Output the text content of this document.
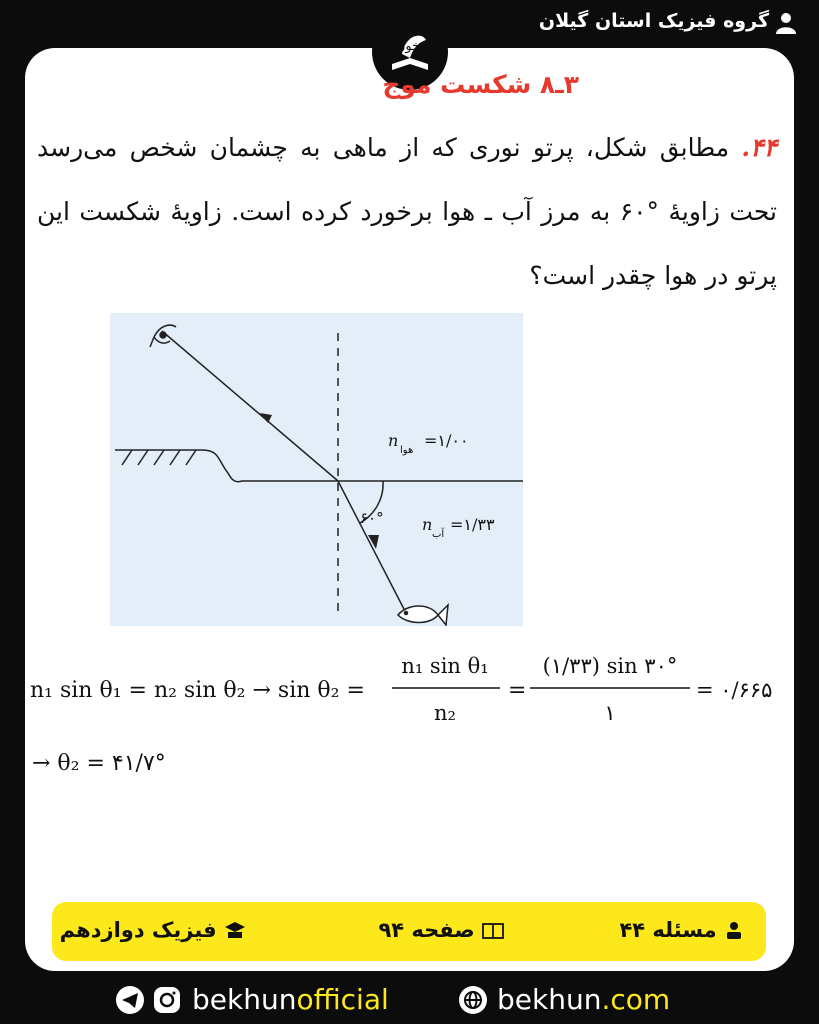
گروه فیزیک استان گیلان
بخون
۳ـ۸ شکست موج
۴۴. مطابق شکل، پرتو نوری که از ماهی به چشمان شخص می‌رسد تحت زاویهٔ °۶۰ به مرز آب ـ هوا برخورد کرده است. زاویهٔ شکست این پرتو در هوا چقدر است؟
۶۰°
n
هوا
=۱/۰۰
n
آب
=۱/۳۳
n₁ sin θ₁ = n₂ sin θ₂ → sin θ₂ =
n₁ sin θ₁
n₂
=
(۱/۳۳) sin ۳۰°
۱
= ۰/۶۶۵
→ θ₂ = ۴۱/۷°
مسئله ۴۴
صفحه ۹۴
فیزیک دوازدهم
bekhunofficial	bekhun.com
